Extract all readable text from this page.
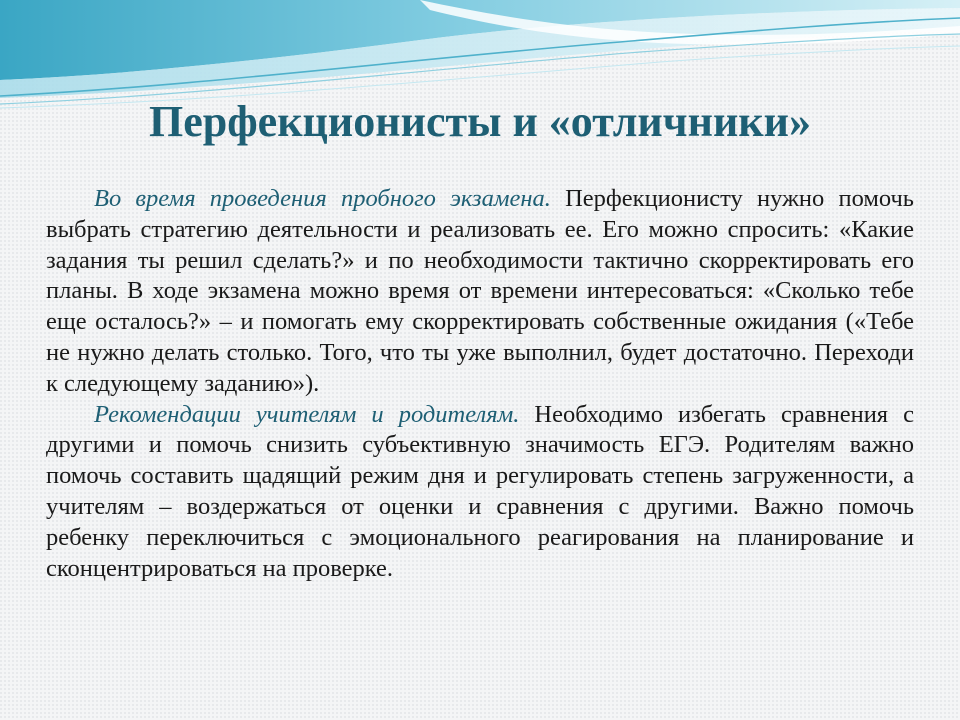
Перфекционисты и «отличники»

Во время проведения пробного экзамена. Перфекционисту нужно помочь выбрать стратегию деятельности и реализовать ее. Его можно спросить: «Какие задания ты решил сделать?» и по необходимости тактично скорректировать его планы. В ходе экзамена можно время от времени интересоваться: «Сколько тебе еще осталось?» – и помогать ему скорректировать собственные ожидания («Тебе не нужно делать столько. Того, что ты уже выполнил, будет достаточно. Переходи к следующему заданию»).

Рекомендации учителям и родителям. Необходимо избегать сравнения с другими и помочь снизить субъективную значимость ЕГЭ. Родителям важно помочь составить щадящий режим дня и регулировать степень загруженности, а учителям – воздержаться от оценки и сравнения с другими. Важно помочь ребенку переключиться с эмоционального реагирования на планирование и сконцентрироваться на проверке.
